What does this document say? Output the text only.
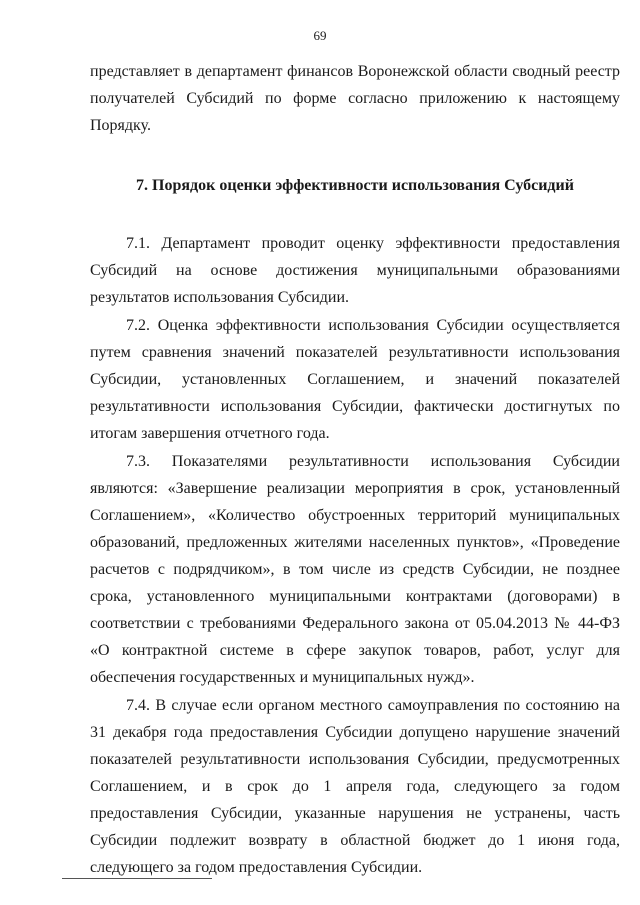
69

представляет в департамент финансов Воронежской области сводный реестр получателей Субсидий по форме согласно приложению к настоящему Порядку.

7. Порядок оценки эффективности использования Субсидий

7.1. Департамент проводит оценку эффективности предоставления Субсидий на основе достижения муниципальными образованиями результатов использования Субсидии.

7.2. Оценка эффективности использования Субсидии осуществляется путем сравнения значений показателей результативности использования Субсидии, установленных Соглашением, и значений показателей результативности использования Субсидии, фактически достигнутых по итогам завершения отчетного года.

7.3. Показателями результативности использования Субсидии являются: «Завершение реализации мероприятия в срок, установленный Соглашением», «Количество обустроенных территорий муниципальных образований, предложенных жителями населенных пунктов», «Проведение расчетов с подрядчиком», в том числе из средств Субсидии, не позднее срока, установленного муниципальными контрактами (договорами) в соответствии с требованиями Федерального закона от 05.04.2013 № 44-ФЗ «О контрактной системе в сфере закупок товаров, работ, услуг для обеспечения государственных и муниципальных нужд».

7.4. В случае если органом местного самоуправления по состоянию на 31 декабря года предоставления Субсидии допущено нарушение значений показателей результативности использования Субсидии, предусмотренных Соглашением, и в срок до 1 апреля года, следующего за годом предоставления Субсидии, указанные нарушения не устранены, часть Субсидии подлежит возврату в областной бюджет до 1 июня года, следующего за годом предоставления Субсидии.
